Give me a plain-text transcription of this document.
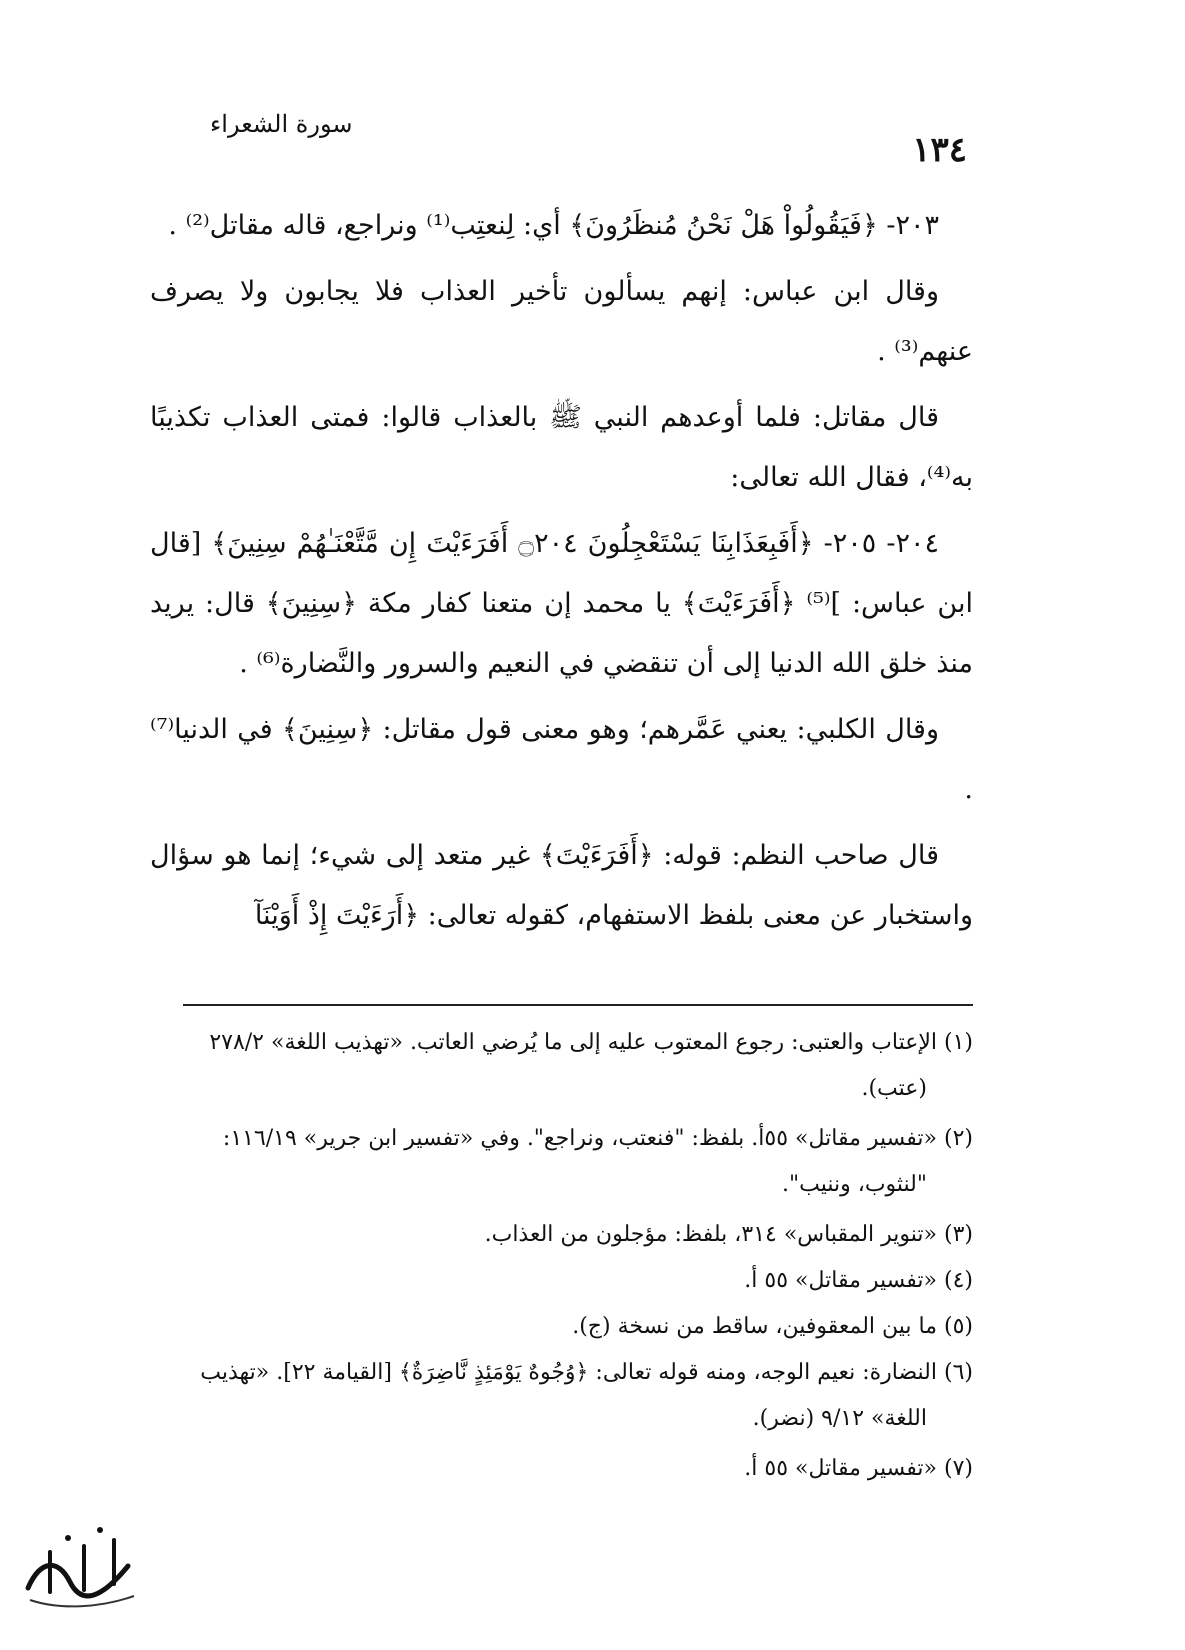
١٣٤
سورة الشعراء

٢٠٣- ﴿فَيَقُولُواْ هَلْ نَحْنُ مُنظَرُونَ﴾ أي: لِنعتِب⁽¹⁾ ونراجع، قاله مقاتل⁽²⁾ .

وقال ابن عباس: إنهم يسألون تأخير العذاب فلا يجابون ولا يصرف عنهم⁽³⁾ .

قال مقاتل: فلما أوعدهم النبي ﷺ بالعذاب قالوا: فمتى العذاب تكذيبًا به⁽⁴⁾، فقال الله تعالى:

٢٠٤- ٢٠٥- ﴿أَفَبِعَذَابِنَا يَسْتَعْجِلُونَ ۝٢٠٤ أَفَرَءَيْتَ إِن مَّتَّعْنَـٰهُمْ سِنِينَ﴾ [قال ابن عباس: ]⁽⁵⁾ ﴿أَفَرَءَيْتَ﴾ يا محمد إن متعنا كفار مكة ﴿سِنِينَ﴾ قال: يريد منذ خلق الله الدنيا إلى أن تنقضي في النعيم والسرور والنَّضارة⁽⁶⁾ .

وقال الكلبي: يعني عَمَّرهم؛ وهو معنى قول مقاتل: ﴿سِنِينَ﴾ في الدنيا⁽⁷⁾ .

قال صاحب النظم: قوله: ﴿أَفَرَءَيْتَ﴾ غير متعد إلى شيء؛ إنما هو سؤال واستخبار عن معنى بلفظ الاستفهام، كقوله تعالى: ﴿أَرَءَيْتَ إِذْ أَوَيْنَآ

(١) الإعتاب والعتبى: رجوع المعتوب عليه إلى ما يُرضي العاتب. «تهذيب اللغة» ٢٧٨/٢ (عتب).

(٢) «تفسير مقاتل» ٥٥أ. بلفظ: "فنعتب، ونراجع". وفي «تفسير ابن جرير» ١١٦/١٩: "لنثوب، وننيب".

(٣) «تنوير المقباس» ٣١٤، بلفظ: مؤجلون من العذاب.

(٤) «تفسير مقاتل» ٥٥ أ.

(٥) ما بين المعقوفين، ساقط من نسخة (ج).

(٦) النضارة: نعيم الوجه، ومنه قوله تعالى: ﴿وُجُوهٌ يَوْمَئِذٍ نَّاضِرَةٌ﴾ [القيامة ٢٢]. «تهذيب اللغة» ٩/١٢ (نضر).

(٧) «تفسير مقاتل» ٥٥ أ.
